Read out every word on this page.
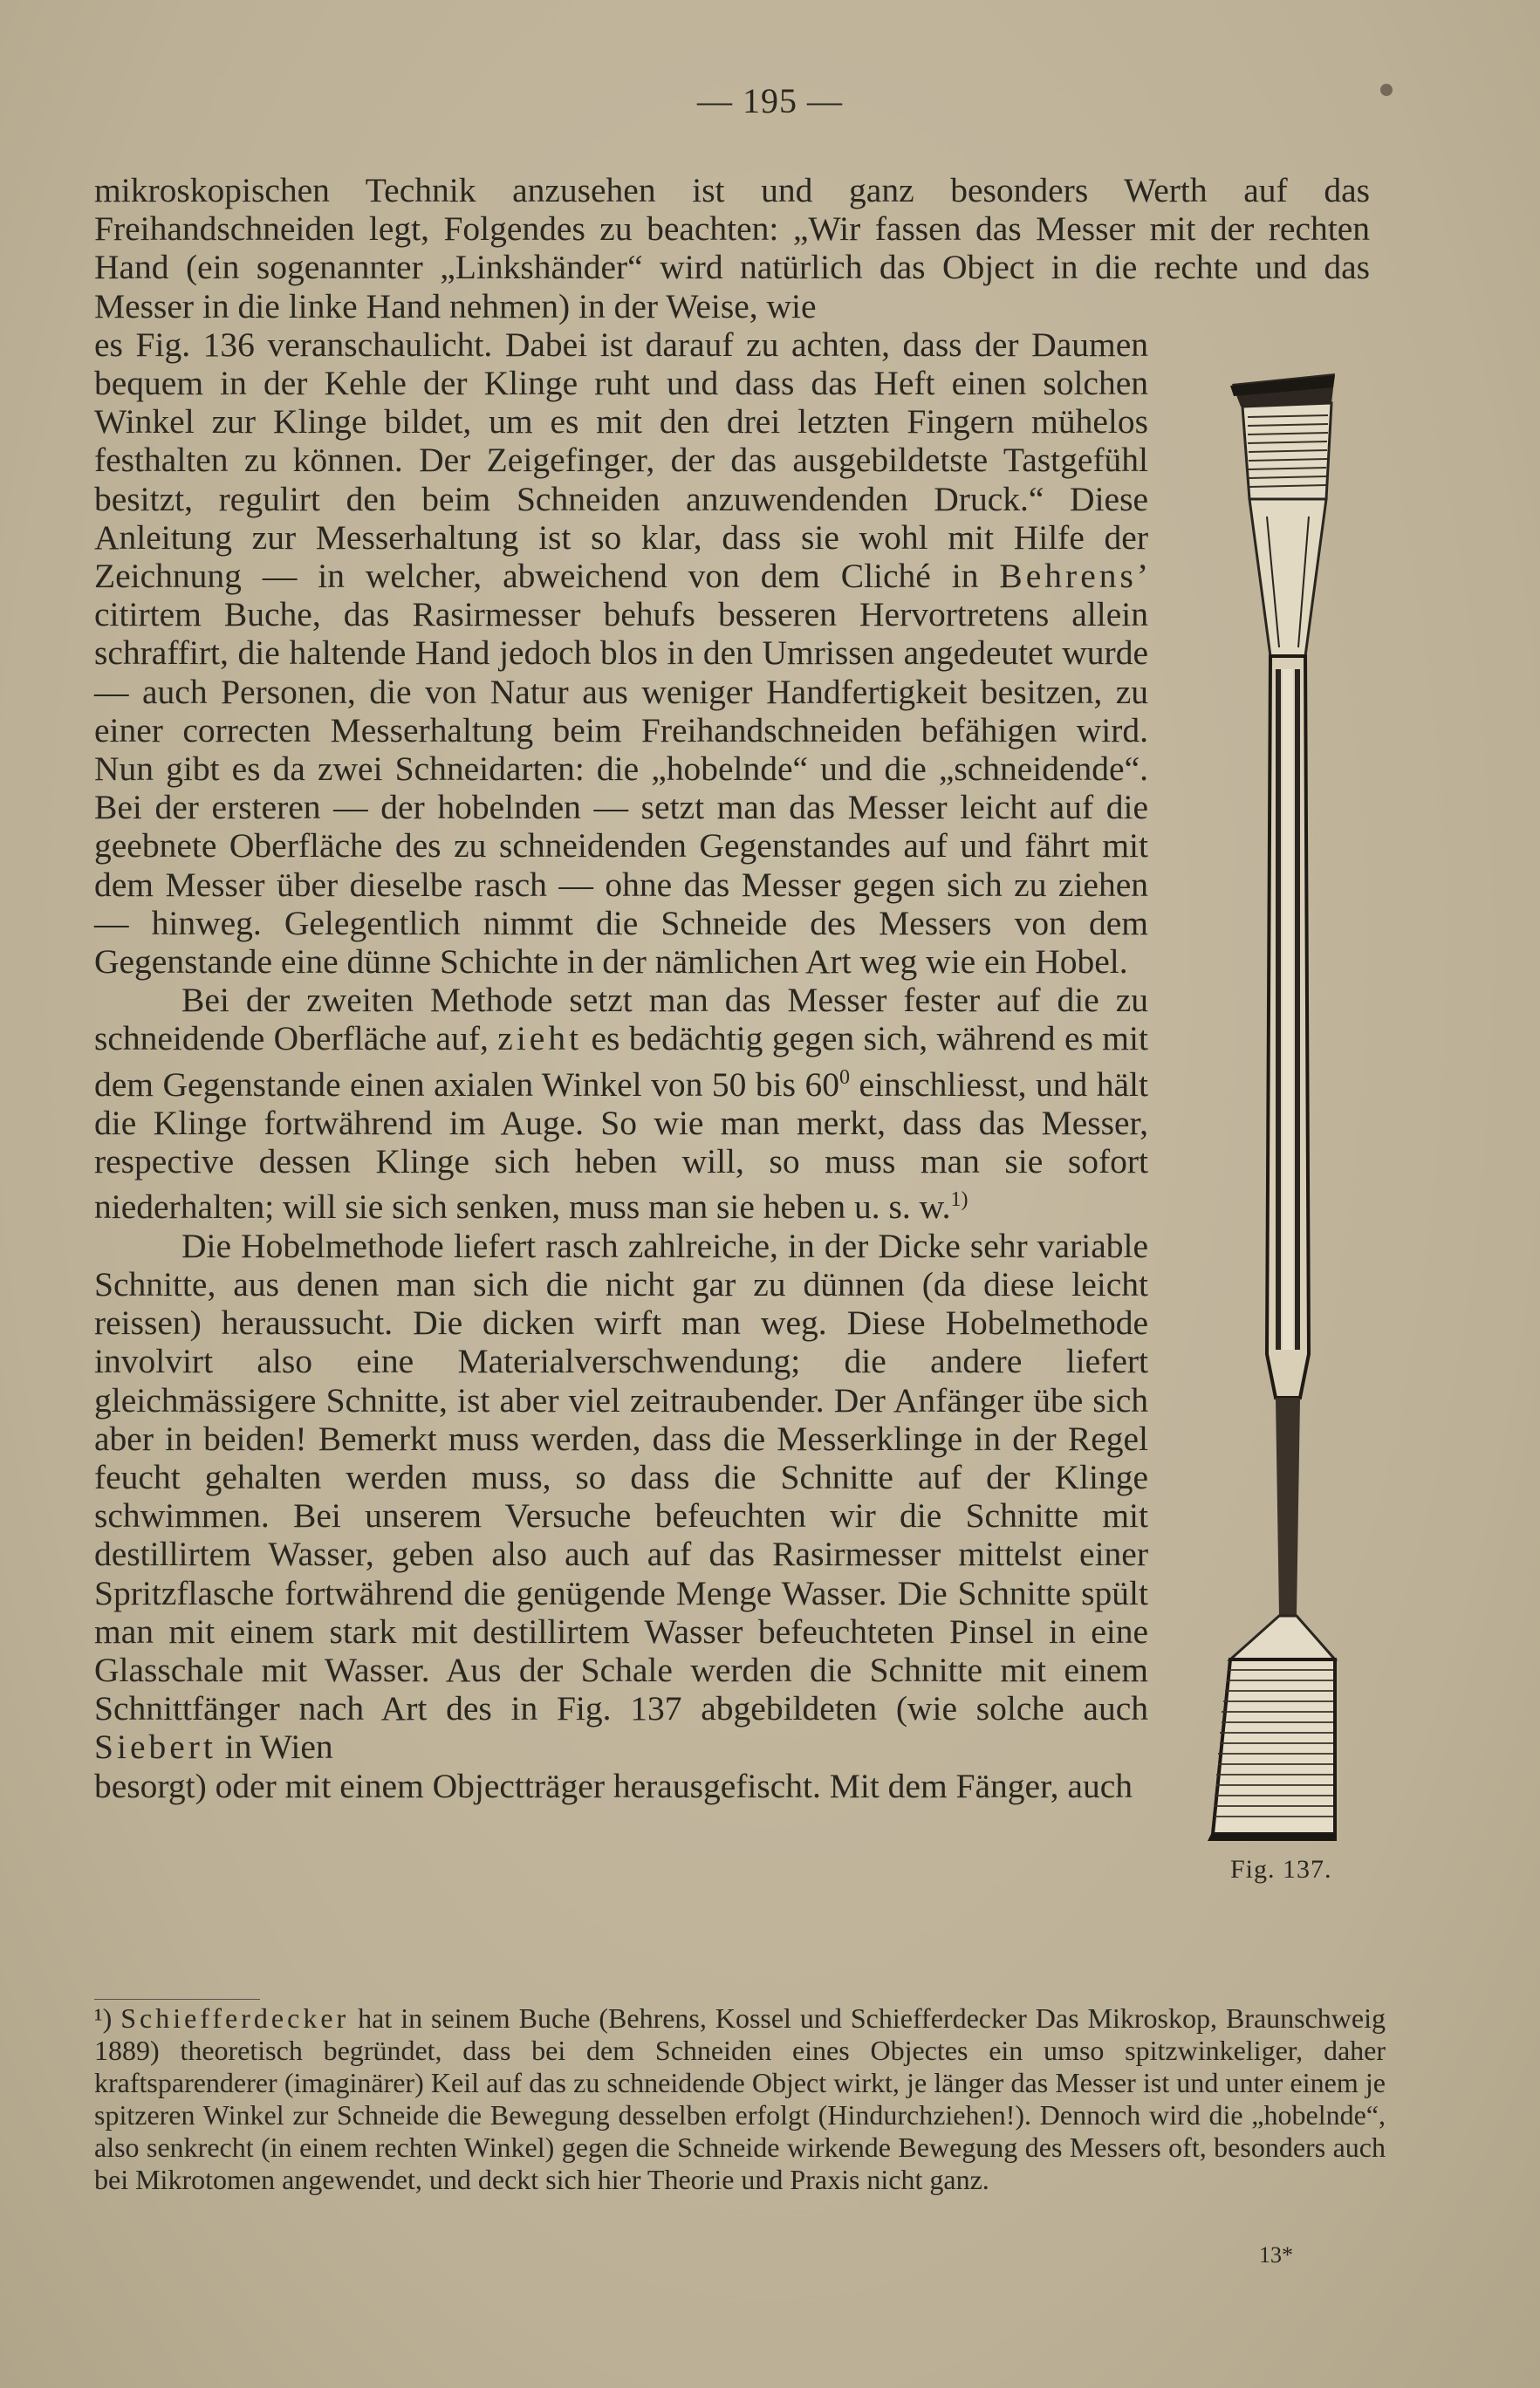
— 195 —

mikroskopischen Technik anzusehen ist und ganz besonders Werth auf das Freihandschneiden legt, Folgendes zu beachten: „Wir fassen das Messer mit der rechten Hand (ein sogenannter „Linkshänder“ wird natürlich das Object in die rechte und das Messer in die linke Hand nehmen) in der Weise, wie

es Fig. 136 veranschaulicht. Dabei ist darauf zu achten, dass der Daumen bequem in der Kehle der Klinge ruht und dass das Heft einen solchen Winkel zur Klinge bildet, um es mit den drei letzten Fingern mühelos festhalten zu können. Der Zeigefinger, der das ausgebildetste Tastgefühl besitzt, regulirt den beim Schneiden anzuwendenden Druck.“ Diese Anleitung zur Messerhaltung ist so klar, dass sie wohl mit Hilfe der Zeichnung — in welcher, abweichend von dem Cliché in Behrens’ citirtem Buche, das Rasirmesser behufs besseren Hervortretens allein schraffirt, die haltende Hand jedoch blos in den Umrissen angedeutet wurde — auch Personen, die von Natur aus weniger Handfertigkeit besitzen, zu einer correcten Messerhaltung beim Freihandschneiden befähigen wird. Nun gibt es da zwei Schneidarten: die „hobelnde“ und die „schneidende“. Bei der ersteren — der hobelnden — setzt man das Messer leicht auf die geebnete Oberfläche des zu schneidenden Gegenstandes auf und fährt mit dem Messer über dieselbe rasch — ohne das Messer gegen sich zu ziehen — hinweg. Gelegentlich nimmt die Schneide des Messers von dem Gegenstande eine dünne Schichte in der nämlichen Art weg wie ein Hobel.

Bei der zweiten Methode setzt man das Messer fester auf die zu schneidende Oberfläche auf, zieht es bedächtig gegen sich, während es mit dem Gegenstande einen axialen Winkel von 50 bis $60^0$ einschliesst, und hält die Klinge fortwährend im Auge. So wie man merkt, dass das Messer, respective dessen Klinge sich heben will, so muss man sie sofort niederhalten; will sie sich senken, muss man sie heben u. s. w.$^{1)}$

Die Hobelmethode liefert rasch zahlreiche, in der Dicke sehr variable Schnitte, aus denen man sich die nicht gar zu dünnen (da diese leicht reissen) heraussucht. Die dicken wirft man weg. Diese Hobelmethode involvirt also eine Materialverschwendung; die andere liefert gleichmässigere Schnitte, ist aber viel zeitraubender. Der Anfänger übe sich aber in beiden! Bemerkt muss werden, dass die Messerklinge in der Regel feucht gehalten werden muss, so dass die Schnitte auf der Klinge schwimmen. Bei unserem Versuche befeuchten wir die Schnitte mit destillirtem Wasser, geben also auch auf das Rasirmesser mittelst einer Spritzflasche fortwährend die genügende Menge Wasser. Die Schnitte spült man mit einem stark mit destillirtem Wasser befeuchteten Pinsel in eine Glasschale mit Wasser. Aus der Schale werden die Schnitte mit einem Schnittfänger nach Art des in Fig. 137 abgebildeten (wie solche auch Siebert in Wien

besorgt) oder mit einem Objectträger herausgefischt. Mit dem Fänger, auch

Fig. 137.
¹) Schiefferdecker hat in seinem Buche (Behrens, Kossel und Schiefferdecker Das Mikroskop, Braunschweig 1889) theoretisch begründet, dass bei dem Schneiden eines Objectes ein umso spitzwinkeliger, daher kraftsparenderer (imaginärer) Keil auf das zu schneidende Object wirkt, je länger das Messer ist und unter einem je spitzeren Winkel zur Schneide die Bewegung desselben erfolgt (Hindurchziehen!). Dennoch wird die „hobelnde“, also senkrecht (in einem rechten Winkel) gegen die Schneide wirkende Bewegung des Messers oft, besonders auch bei Mikrotomen angewendet, und deckt sich hier Theorie und Praxis nicht ganz.
13*
